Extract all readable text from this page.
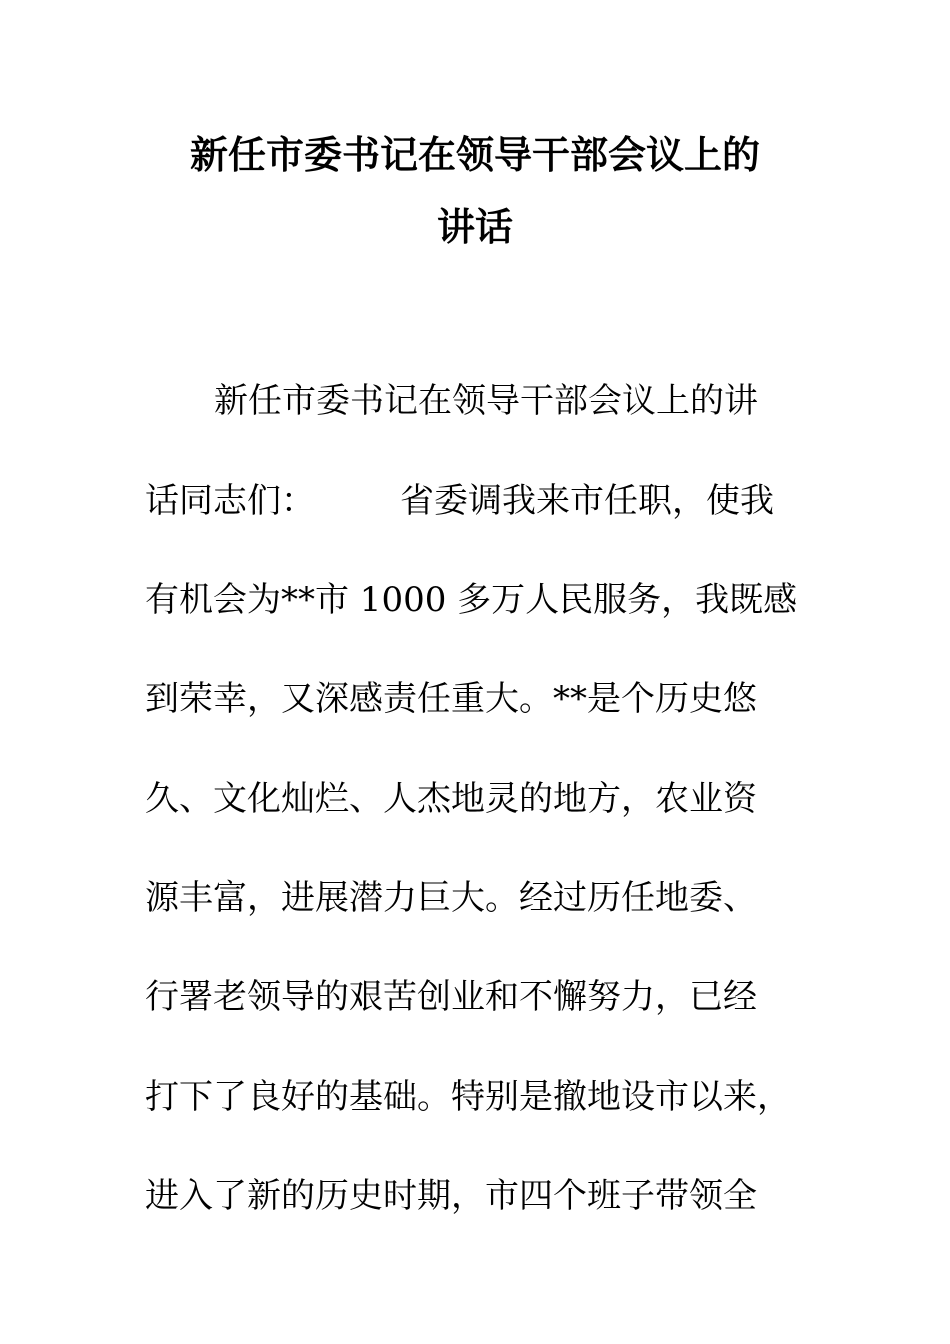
新任市委书记在领导干部会议上的
讲话

新任市委书记在领导干部会议上的讲

话同志们：　　　省委调我来市任职，使我

有机会为**市 1000 多万人民服务，我既感

到荣幸，又深感责任重大。**是个历史悠

久、文化灿烂、人杰地灵的地方，农业资

源丰富，进展潜力巨大。经过历任地委、

行署老领导的艰苦创业和不懈努力，已经

打下了良好的基础。特别是撤地设市以来，

进入了新的历史时期，市四个班子带领全
